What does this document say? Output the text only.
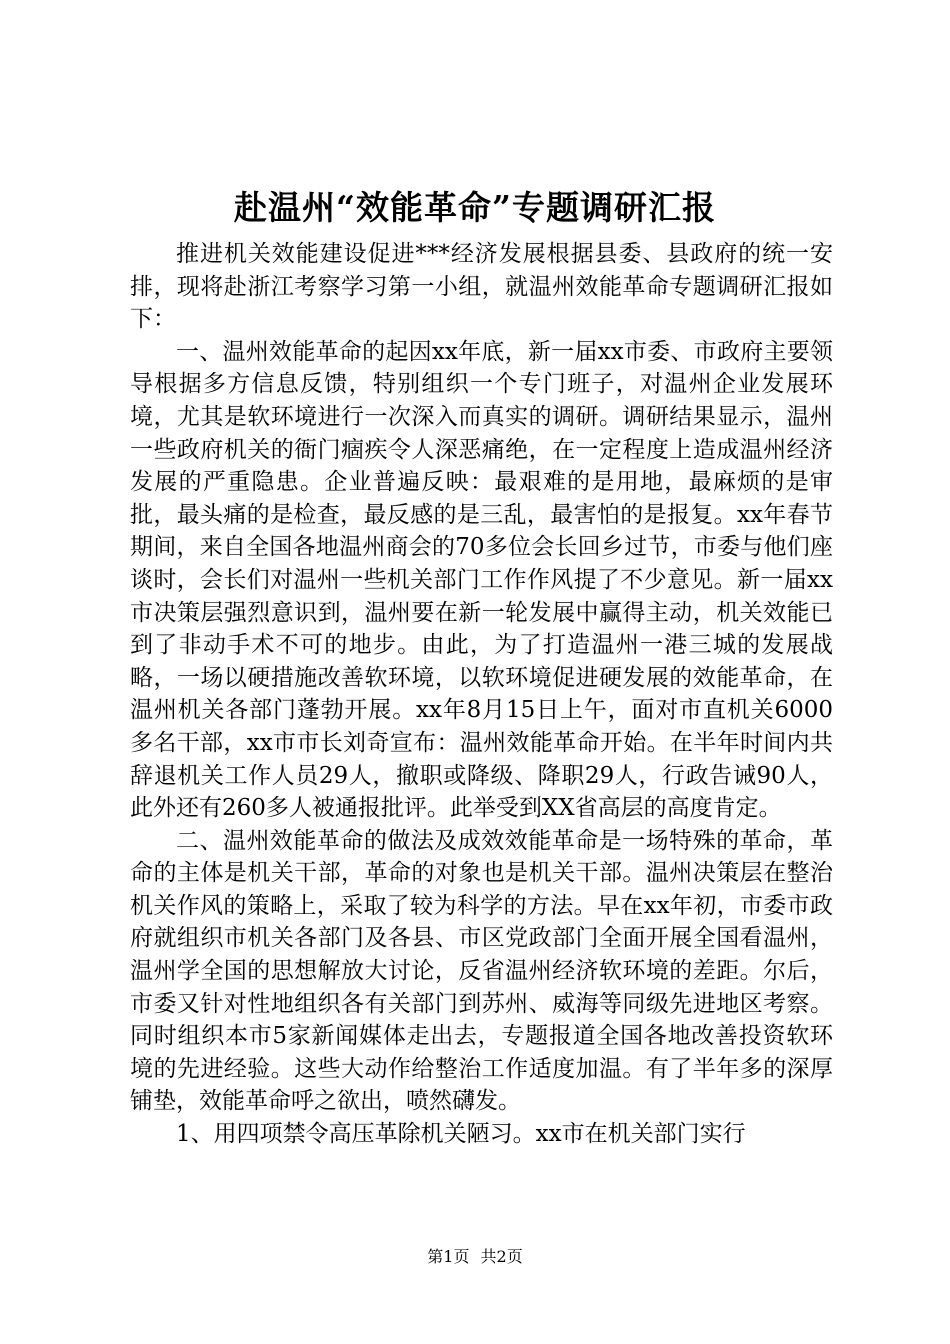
赴温州“效能革命”专题调研汇报

推进机关效能建设促进***经济发展根据县委、县政府的统一安排，现将赴浙江考察学习第一小组，就温州效能革命专题调研汇报如下：

一、温州效能革命的起因xx年底，新一届xx市委、市政府主要领导根据多方信息反馈，特别组织一个专门班子，对温州企业发展环境，尤其是软环境进行一次深入而真实的调研。调研结果显示，温州一些政府机关的衙门痼疾令人深恶痛绝，在一定程度上造成温州经济发展的严重隐患。企业普遍反映：最艰难的是用地，最麻烦的是审批，最头痛的是检查，最反感的是三乱，最害怕的是报复。xx年春节期间，来自全国各地温州商会的70多位会长回乡过节，市委与他们座谈时，会长们对温州一些机关部门工作作风提了不少意见。新一届xx市决策层强烈意识到，温州要在新一轮发展中赢得主动，机关效能已到了非动手术不可的地步。由此，为了打造温州一港三城的发展战略，一场以硬措施改善软环境，以软环境促进硬发展的效能革命，在温州机关各部门蓬勃开展。xx年8月15日上午，面对市直机关6000多名干部，xx市市长刘奇宣布：温州效能革命开始。在半年时间内共辞退机关工作人员29人，撤职或降级、降职29人，行政告诫90人，此外还有260多人被通报批评。此举受到XX省高层的高度肯定。

二、温州效能革命的做法及成效效能革命是一场特殊的革命，革命的主体是机关干部，革命的对象也是机关干部。温州决策层在整治机关作风的策略上，采取了较为科学的方法。早在xx年初，市委市政府就组织市机关各部门及各县、市区党政部门全面开展全国看温州，温州学全国的思想解放大讨论，反省温州经济软环境的差距。尔后，市委又针对性地组织各有关部门到苏州、威海等同级先进地区考察。同时组织本市5家新闻媒体走出去，专题报道全国各地改善投资软环境的先进经验。这些大动作给整治工作适度加温。有了半年多的深厚铺垫，效能革命呼之欲出，喷然礴发。

1、用四项禁令高压革除机关陋习。xx市在机关部门实行

第1页 共2页
